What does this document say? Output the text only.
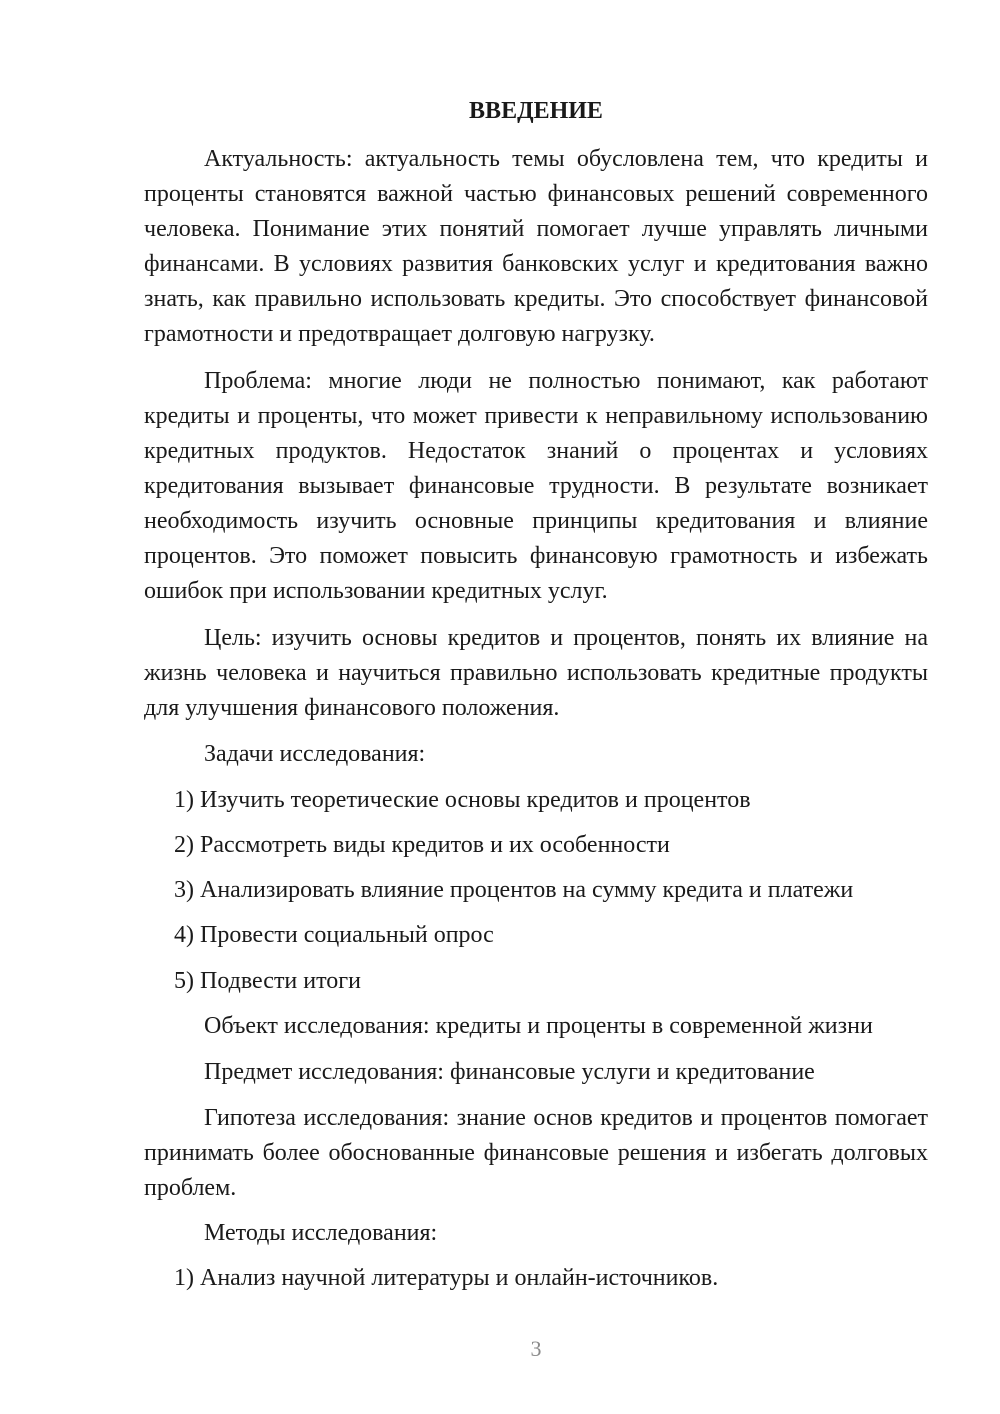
ВВЕДЕНИЕ

Актуальность: актуальность темы обусловлена тем, что кредиты и проценты становятся важной частью финансовых решений современного человека. Понимание этих понятий помогает лучше управлять личными финансами. В условиях развития банковских услуг и кредитования важно знать, как правильно использовать кредиты. Это способствует финансовой грамотности и предотвращает долговую нагрузку.

Проблема: многие люди не полностью понимают, как работают кредиты и проценты, что может привести к неправильному использованию кредитных продуктов. Недостаток знаний о процентах и условиях кредитования вызывает финансовые трудности. В результате возникает необходимость изучить основные принципы кредитования и влияние процентов. Это поможет повысить финансовую грамотность и избежать ошибок при использовании кредитных услуг.

Цель: изучить основы кредитов и процентов, понять их влияние на жизнь человека и научиться правильно использовать кредитные продукты для улучшения финансового положения.

Задачи исследования:
1) Изучить теоретические основы кредитов и процентов
2) Рассмотреть виды кредитов и их особенности
3) Анализировать влияние процентов на сумму кредита и платежи
4) Провести социальный опрос
5) Подвести итоги
Объект исследования: кредиты и проценты в современной жизни
Предмет исследования: финансовые услуги и кредитование

Гипотеза исследования: знание основ кредитов и процентов помогает принимать более обоснованные финансовые решения и избегать долговых проблем.

Методы исследования:
1) Анализ научной литературы и онлайн-источников.
3
